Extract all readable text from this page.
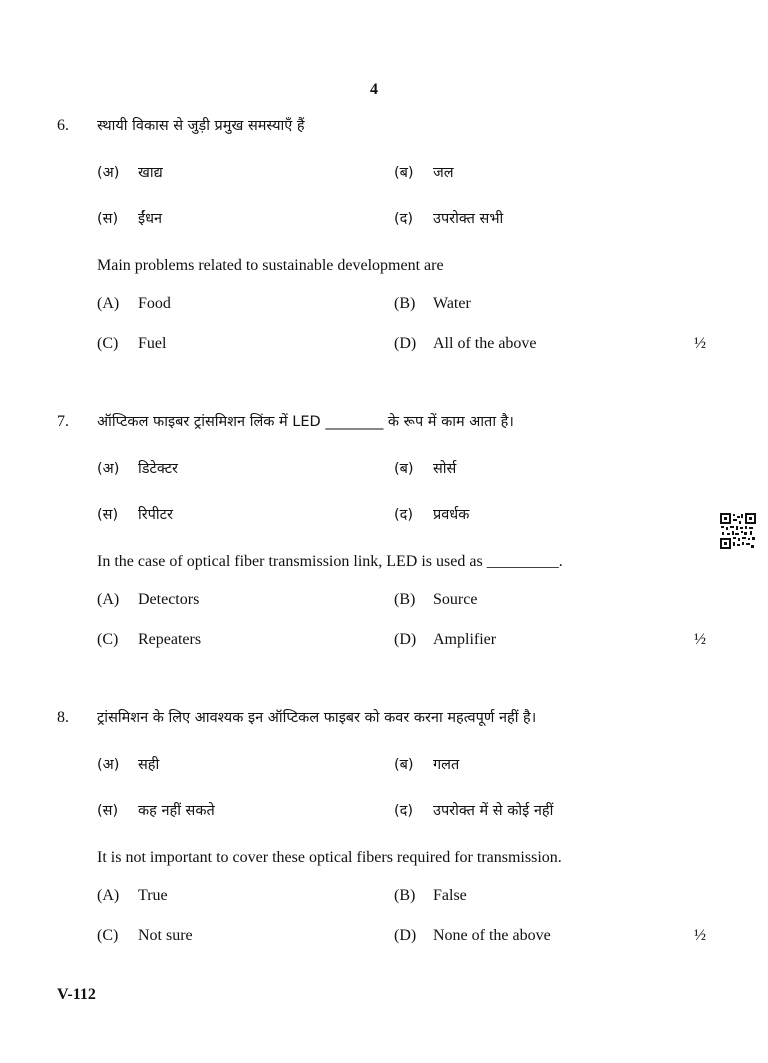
4
6. स्थायी विकास से जुड़ी प्रमुख समस्याएँ हैं
(अ) खाद्य	(ब) जल
(स) ईंधन	(द) उपरोक्त सभी
Main problems related to sustainable development are
(A) Food	(B) Water
(C) Fuel	(D) All of the above	½
7. ऑप्टिकल फाइबर ट्रांसमिशन लिंक में LED ________ के रूप में काम आता है।
(अ) डिटेक्टर	(ब) सोर्स
(स) रिपीटर	(द) प्रवर्धक
In the case of optical fiber transmission link, LED is used as _________.
(A) Detectors	(B) Source
(C) Repeaters	(D) Amplifier	½
8. ट्रांसमिशन के लिए आवश्यक इन ऑप्टिकल फाइबर को कवर करना महत्वपूर्ण नहीं है।
(अ) सही	(ब) गलत
(स) कह नहीं सकते	(द) उपरोक्त में से कोई नहीं
It is not important to cover these optical fibers required for transmission.
(A) True	(B) False
(C) Not sure	(D) None of the above	½
V-112
